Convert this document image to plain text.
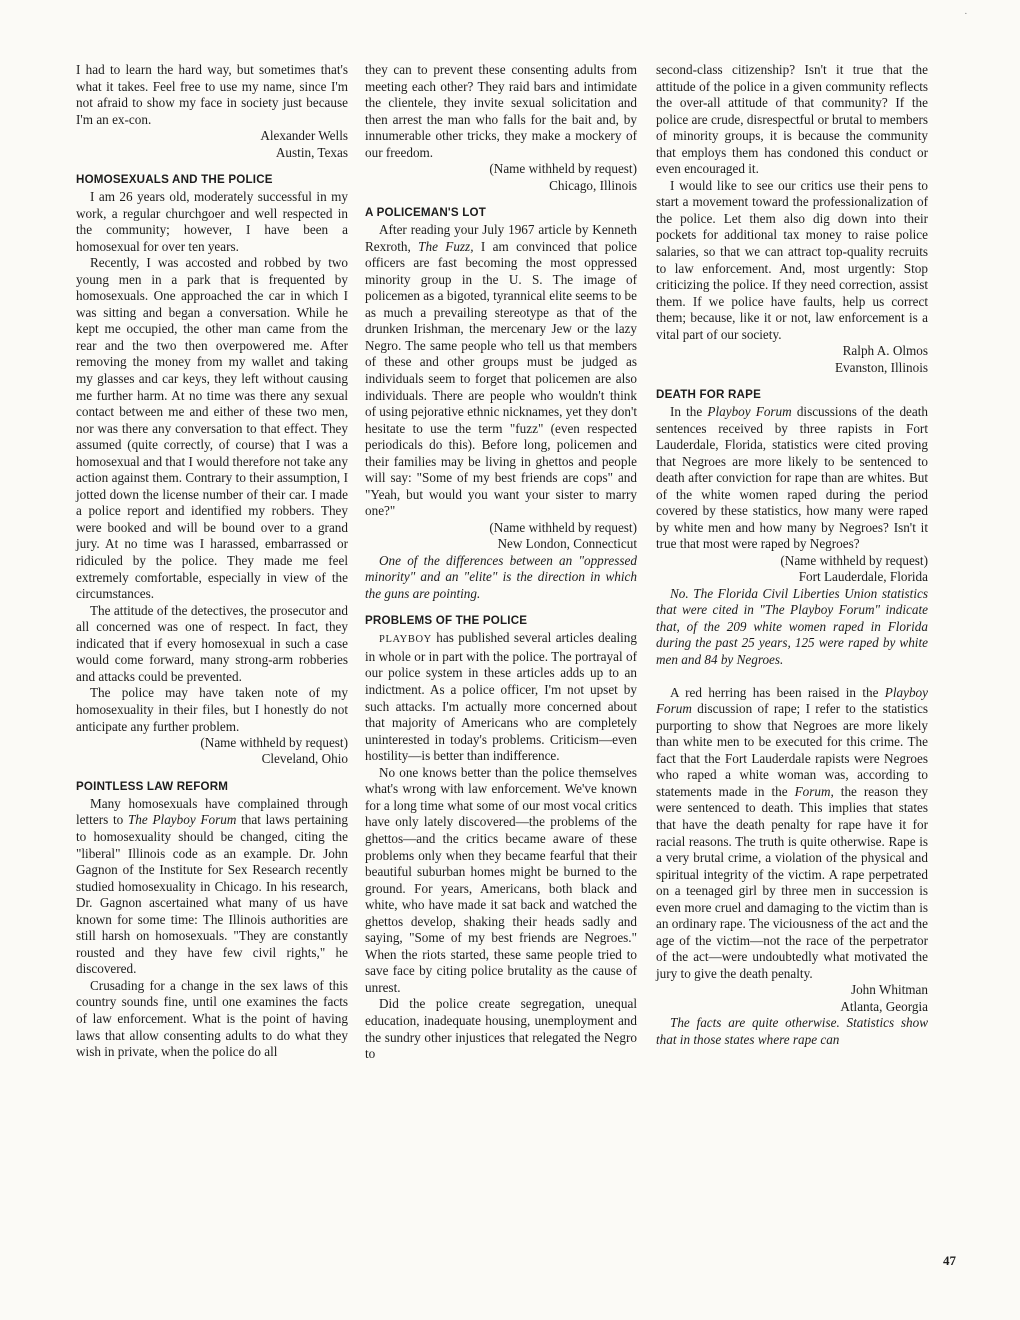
·

I had to learn the hard way, but sometimes that's what it takes. Feel free to use my name, since I'm not afraid to show my face in society just because I'm an ex-con.

Alexander Wells
Austin, Texas
HOMOSEXUALS AND THE POLICE

I am 26 years old, moderately successful in my work, a regular churchgoer and well respected in the community; however, I have been a homosexual for over ten years.

Recently, I was accosted and robbed by two young men in a park that is frequented by homosexuals. One approached the car in which I was sitting and began a conversation. While he kept me occupied, the other man came from the rear and the two then overpowered me. After removing the money from my wallet and taking my glasses and car keys, they left without causing me further harm. At no time was there any sexual contact between me and either of these two men, nor was there any conversation to that effect. They assumed (quite correctly, of course) that I was a homosexual and that I would therefore not take any action against them. Contrary to their assumption, I jotted down the license number of their car. I made a police report and identified my robbers. They were booked and will be bound over to a grand jury. At no time was I harassed, embarrassed or ridiculed by the police. They made me feel extremely comfortable, especially in view of the circumstances.

The attitude of the detectives, the prosecutor and all concerned was one of respect. In fact, they indicated that if every homosexual in such a case would come forward, many strong-arm robberies and attacks could be prevented.

The police may have taken note of my homosexuality in their files, but I honestly do not anticipate any further problem.

(Name withheld by request)
Cleveland, Ohio
POINTLESS LAW REFORM

Many homosexuals have complained through letters to The Playboy Forum that laws pertaining to homosexuality should be changed, citing the "liberal" Illinois code as an example. Dr. John Gagnon of the Institute for Sex Research recently studied homosexuality in Chicago. In his research, Dr. Gagnon ascertained what many of us have known for some time: The Illinois authorities are still harsh on homosexuals. "They are constantly rousted and they have few civil rights," he discovered.

Crusading for a change in the sex laws of this country sounds fine, until one examines the facts of law enforcement. What is the point of having laws that allow consenting adults to do what they wish in private, when the police do all

they can to prevent these consenting adults from meeting each other? They raid bars and intimidate the clientele, they invite sexual solicitation and then arrest the man who falls for the bait and, by innumerable other tricks, they make a mockery of our freedom.

(Name withheld by request)
Chicago, Illinois
A POLICEMAN'S LOT

After reading your July 1967 article by Kenneth Rexroth, The Fuzz, I am convinced that police officers are fast becoming the most oppressed minority group in the U. S. The image of policemen as a bigoted, tyrannical elite seems to be as much a prevailing stereotype as that of the drunken Irishman, the mercenary Jew or the lazy Negro. The same people who tell us that members of these and other groups must be judged as individuals seem to forget that policemen are also individuals. There are people who wouldn't think of using pejorative ethnic nicknames, yet they don't hesitate to use the term "fuzz" (even respected periodicals do this). Before long, policemen and their families may be living in ghettos and people will say: "Some of my best friends are cops" and "Yeah, but would you want your sister to marry one?"

(Name withheld by request)
New London, Connecticut

One of the differences between an "oppressed minority" and an "elite" is the direction in which the guns are pointing.

PROBLEMS OF THE POLICE

PLAYBOY has published several articles dealing in whole or in part with the police. The portrayal of our police system in these articles adds up to an indictment. As a police officer, I'm not upset by such attacks. I'm actually more concerned about that majority of Americans who are completely uninterested in today's problems. Criticism—even hostility—is better than indifference.

No one knows better than the police themselves what's wrong with law enforcement. We've known for a long time what some of our most vocal critics have only lately discovered—the problems of the ghettos—and the critics became aware of these problems only when they became fearful that their beautiful suburban homes might be burned to the ground. For years, Americans, both black and white, who have made it sat back and watched the ghettos develop, shaking their heads sadly and saying, "Some of my best friends are Negroes." When the riots started, these same people tried to save face by citing police brutality as the cause of unrest.

Did the police create segregation, unequal education, inadequate housing, unemployment and the sundry other injustices that relegated the Negro to

second-class citizenship? Isn't it true that the attitude of the police in a given community reflects the over-all attitude of that community? If the police are crude, disrespectful or brutal to members of minority groups, it is because the community that employs them has condoned this conduct or even encouraged it.

I would like to see our critics use their pens to start a movement toward the professionalization of the police. Let them also dig down into their pockets for additional tax money to raise police salaries, so that we can attract top-quality recruits to law enforcement. And, most urgently: Stop criticizing the police. If they need correction, assist them. If we police have faults, help us correct them; because, like it or not, law enforcement is a vital part of our society.

Ralph A. Olmos
Evanston, Illinois
DEATH FOR RAPE

In the Playboy Forum discussions of the death sentences received by three rapists in Fort Lauderdale, Florida, statistics were cited proving that Negroes are more likely to be sentenced to death after conviction for rape than are whites. But of the white women raped during the period covered by these statistics, how many were raped by white men and how many by Negroes? Isn't it true that most were raped by Negroes?

(Name withheld by request)
Fort Lauderdale, Florida

No. The Florida Civil Liberties Union statistics that were cited in "The Playboy Forum" indicate that, of the 209 white women raped in Florida during the past 25 years, 125 were raped by white men and 84 by Negroes.

A red herring has been raised in the Playboy Forum discussion of rape; I refer to the statistics purporting to show that Negroes are more likely than white men to be executed for this crime. The fact that the Fort Lauderdale rapists were Negroes who raped a white woman was, according to statements made in the Forum, the reason they were sentenced to death. This implies that states that have the death penalty for rape have it for racial reasons. The truth is quite otherwise. Rape is a very brutal crime, a violation of the physical and spiritual integrity of the victim. A rape perpetrated on a teenaged girl by three men in succession is even more cruel and damaging to the victim than is an ordinary rape. The viciousness of the act and the age of the victim—not the race of the perpetrator of the act—were undoubtedly what motivated the jury to give the death penalty.

John Whitman
Atlanta, Georgia

The facts are quite otherwise. Statistics show that in those states where rape can

47
